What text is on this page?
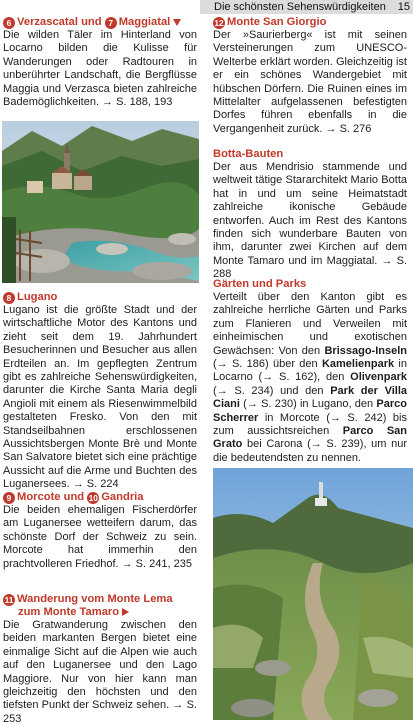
Die schönsten Sehenswürdigkeiten	15
6 Verzascatal und 7 Maggiatal
Die wilden Täler im Hinterland von Locarno bilden die Kulisse für Wanderungen oder Radtouren in unberührter Landschaft, die Bergflüsse Maggia und Verzasca bieten zahlreiche Bademöglichkeiten. → S. 188, 193
8 Lugano
Lugano ist die größte Stadt und der wirtschaftliche Motor des Kantons und zieht seit dem 19. Jahrhundert Besucherinnen und Besucher aus allen Erdteilen an. Im gepflegten Zentrum gibt es zahlreiche Sehenswürdigkeiten, darunter die Kirche Santa Maria degli Angioli mit einem als Riesenwimmelbild gestalteten Fresko. Von den mit Standseilbahnen erschlossenen Aussichtsbergen Monte Brè und Monte San Salvatore bietet sich eine prächtige Aussicht auf die Arme und Buchten des Luganersees. → S. 224
9 Morcote und 10 Gandria
Die beiden ehemaligen Fischerdörfer am Luganersee wetteifern darum, das schönste Dorf der Schweiz zu sein. Morcote hat immerhin den prachtvolleren Friedhof. → S. 241, 235
11 Wanderung vom Monte Lema
zum Monte Tamaro
Die Gratwanderung zwischen den beiden markanten Bergen bietet eine einmalige Sicht auf die Alpen wie auch auf den Luganersee und den Lago Maggiore. Nur von hier kann man gleichzeitig den höchsten und den tiefsten Punkt der Schweiz sehen. → S. 253
12 Monte San Giorgio
Der »Saurierberg« ist mit seinen Versteinerungen zum UNESCO-Welterbe erklärt worden. Gleichzeitig ist er ein schönes Wandergebiet mit hübschen Dörfern. Die Ruinen eines im Mittelalter aufgelassenen befestigten Dorfes führen ebenfalls in die Vergangenheit zurück. → S. 276
Botta-Bauten
Der aus Mendrisio stammende und weltweit tätige Stararchitekt Mario Botta hat in und um seine Heimatstadt zahlreiche ikonische Gebäude entworfen. Auch im Rest des Kantons finden sich wunderbare Bauten von ihm, darunter zwei Kirchen auf dem Monte Tamaro und im Maggiatal. → S. 288
Gärten und Parks
Verteilt über den Kanton gibt es zahlreiche herrliche Gärten und Parks zum Flanieren und Verweilen mit einheimischen und exotischen Gewächsen: Von den Brissago-Inseln (→ S. 186) über den Kamelienpark in Locarno (→ S. 162), den Olivenpark (→ S. 234) und den Park der Villa Ciani (→ S. 230) in Lugano, den Parco Scherrer in Morcote (→ S. 242) bis zum aussichtsreichen Parco San Grato bei Carona (→ S. 239), um nur die bedeutendsten zu nennen.
